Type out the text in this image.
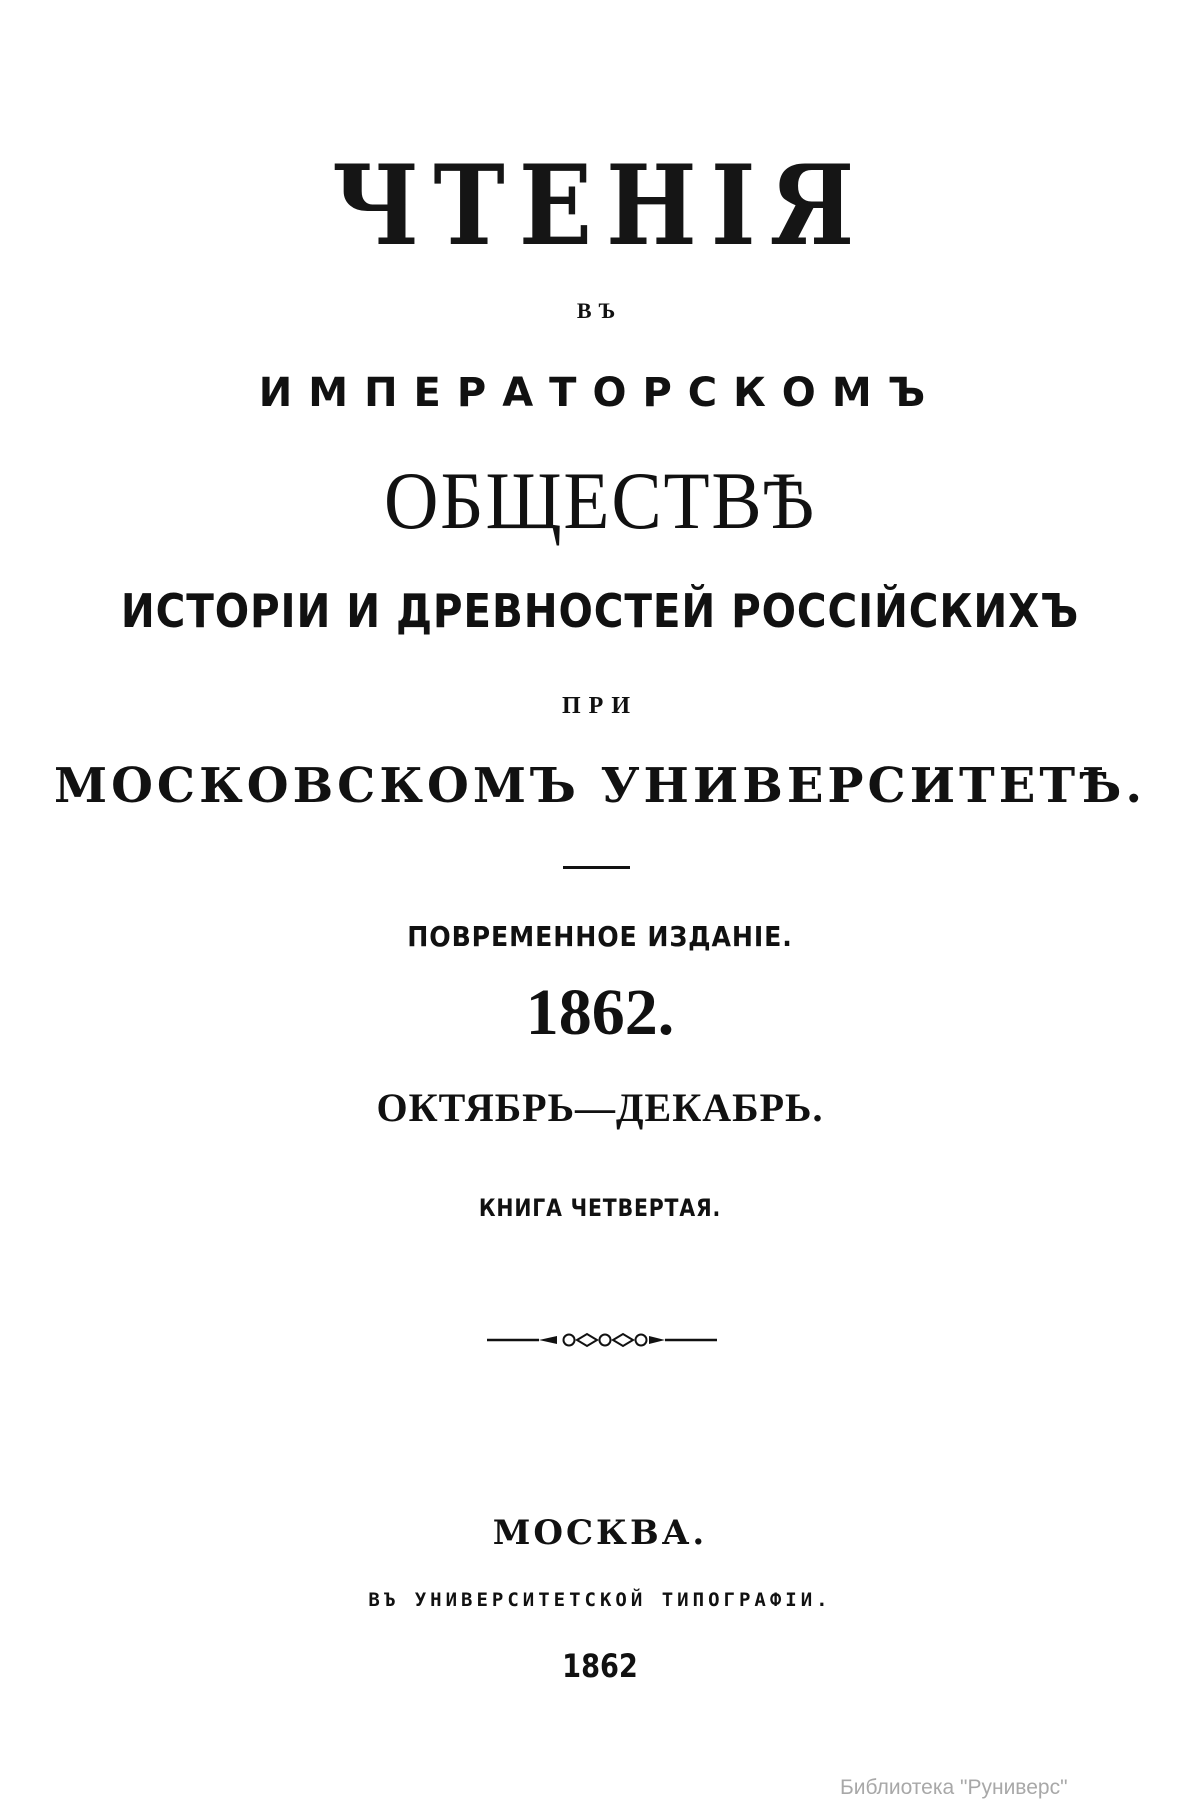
ЧТЕНІЯ
ВЪ
ИМПЕРАТОРСКОМЪ
ОБЩЕСТВѢ
ИСТОРІИ И ДРЕВНОСТЕЙ РОССІЙСКИХЪ
ПРИ
МОСКОВСКОМЪ УНИВЕРСИТЕТѢ.
ПОВРЕМЕННОЕ ИЗДАНІЕ.
1862.
ОКТЯБРЬ—ДЕКАБРЬ.
КНИГА ЧЕТВЕРТАЯ.
МОСКВА.
ВЪ УНИВЕРСИТЕТСКОЙ ТИПОГРАФІИ.
1862
Библиотека "Руниверс"
